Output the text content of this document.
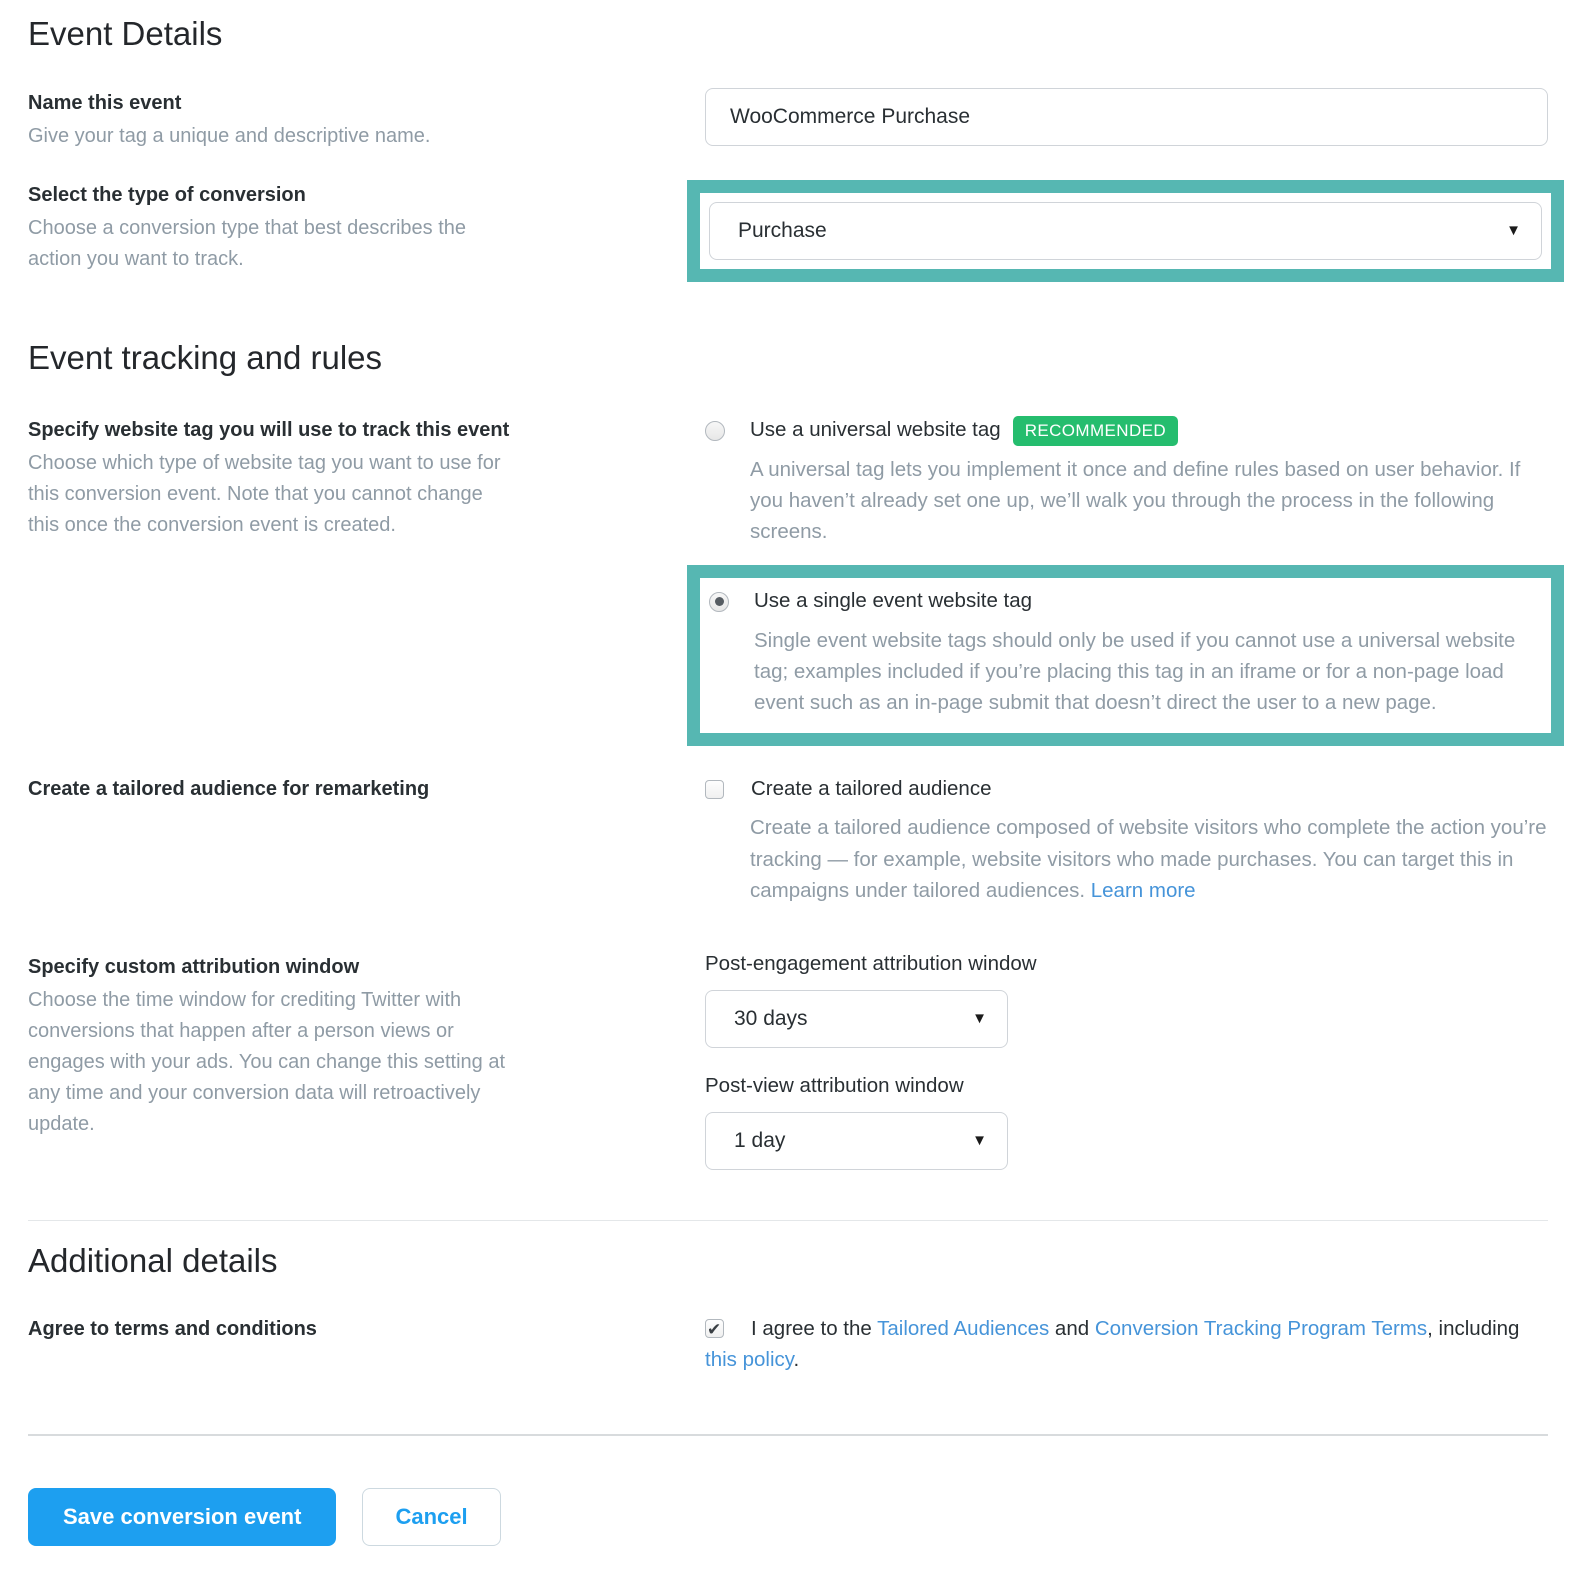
Event Details
Name this event
Give your tag a unique and descriptive name.
WooCommerce Purchase
Select the type of conversion
Choose a conversion type that best describes the action you want to track.
Purchase	▼
Event tracking and rules
Specify website tag you will use to track this event
Choose which type of website tag you want to use for this conversion event. Note that you cannot change this once the conversion event is created.
Use a universal website tag	RECOMMENDED

A universal tag lets you implement it once and define rules based on user behavior. If you haven’t already set one up, we’ll walk you through the process in the following screens.

Use a single event website tag

Single event website tags should only be used if you cannot use a universal website tag; examples included if you’re placing this tag in an iframe or for a non-page load event such as an in-page submit that doesn’t direct the user to a new page.

Create a tailored audience for remarketing	Create a tailored audience

Create a tailored audience composed of website visitors who complete the action you’re tracking — for example, website visitors who made purchases. You can target this in campaigns under tailored audiences. Learn more

Specify custom attribution window
Choose the time window for crediting Twitter with conversions that happen after a person views or engages with your ads. You can change this setting at any time and your conversion data will retroactively update.
Post-engagement attribution window
30 days	▼
Post-view attribution window
1 day	▼
Additional details
Agree to terms and conditions ✔	I agree to the Tailored Audiences and Conversion Tracking Program Terms, including this policy.

Save conversion event	Cancel
